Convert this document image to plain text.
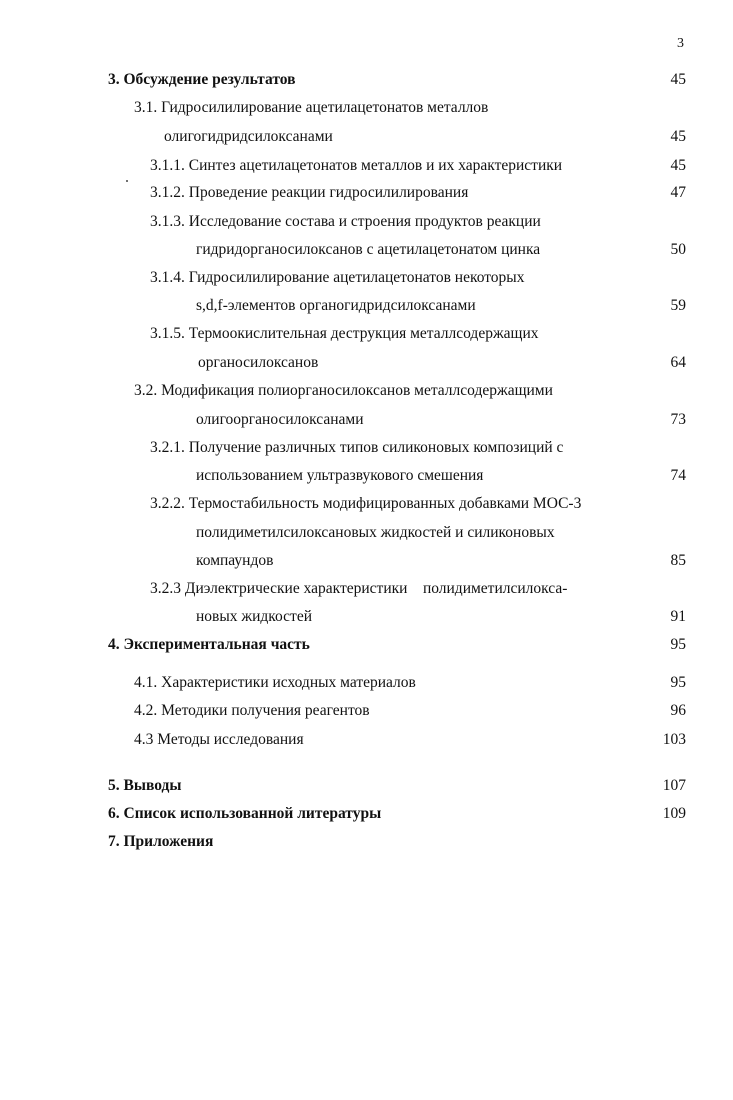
3
3. Обсуждение результатов	45
3.1. Гидросилилирование ацетилацетонатов металлов
олигогидридсилоксанами	45
3.1.1. Синтез ацетилацетонатов металлов и их характеристики	45
3.1.2. Проведение реакции гидросилилирования	47
3.1.3. Исследование состава и строения продуктов реакции
гидридорганосилоксанов с ацетилацетонатом цинка	50
3.1.4. Гидросилилирование ацетилацетонатов некоторых
s,d,f-элементов органогидридсилоксанами	59
3.1.5. Термоокислительная деструкция металлсодержащих
органосилоксанов	64
3.2. Модификация полиорганосилоксанов металлсодержащими
олигоорганосилоксанами	73
3.2.1. Получение различных типов силиконовых композиций с
использованием ультразвукового смешения	74
3.2.2. Термостабильность модифицированных добавками МОС-3
полидиметилсилоксановых жидкостей и силиконовых
компаундов	85
3.2.3 Диэлектрические характеристики    полидиметилсилокса-
новых жидкостей	91
4. Экспериментальная часть	95
4.1. Характеристики исходных материалов	95
4.2. Методики получения реагентов	96
4.3 Методы исследования	103
5. Выводы	107
6. Список использованной литературы	109
7. Приложения
